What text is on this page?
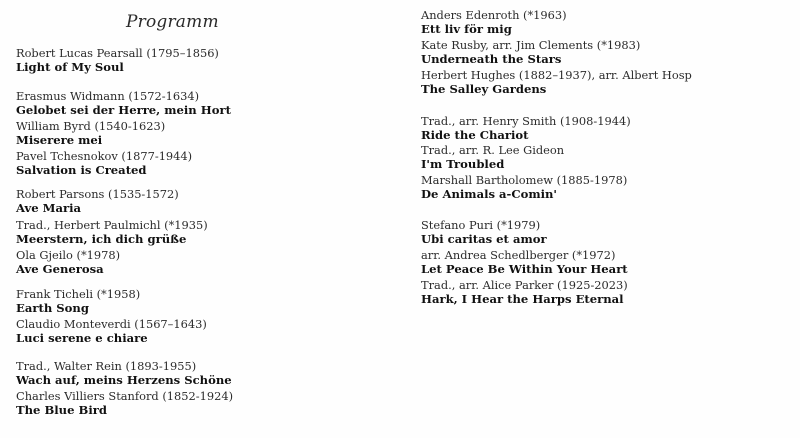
Programm
Robert Lucas Pearsall (1795–1856)
Light of My Soul
Erasmus Widmann (1572-1634)
Gelobet sei der Herre, mein Hort
William Byrd (1540-1623)
Miserere mei
Pavel Tchesnokov (1877-1944)
Salvation is Created
Robert Parsons (1535-1572)
Ave Maria
Trad., Herbert Paulmichl (*1935)
Meerstern, ich dich grüße
Ola Gjeilo (*1978)
Ave Generosa
Frank Ticheli (*1958)
Earth Song
Claudio Monteverdi (1567–1643)
Luci serene e chiare
Trad., Walter Rein (1893-1955)
Wach auf, meins Herzens Schöne
Charles Villiers Stanford (1852-1924)
The Blue Bird
Anders Edenroth (*1963)
Ett liv för mig
Kate Rusby, arr. Jim Clements (*1983)
Underneath the Stars
Herbert Hughes (1882–1937), arr. Albert Hosp
The Salley Gardens
Trad., arr. Henry Smith (1908-1944)
Ride the Chariot
Trad., arr. R. Lee Gideon
I'm Troubled
Marshall Bartholomew (1885-1978)
De Animals a-Comin'
Stefano Puri (*1979)
Ubi caritas et amor
arr. Andrea Schedlberger (*1972)
Let Peace Be Within Your Heart
Trad., arr. Alice Parker (1925-2023)
Hark, I Hear the Harps Eternal
